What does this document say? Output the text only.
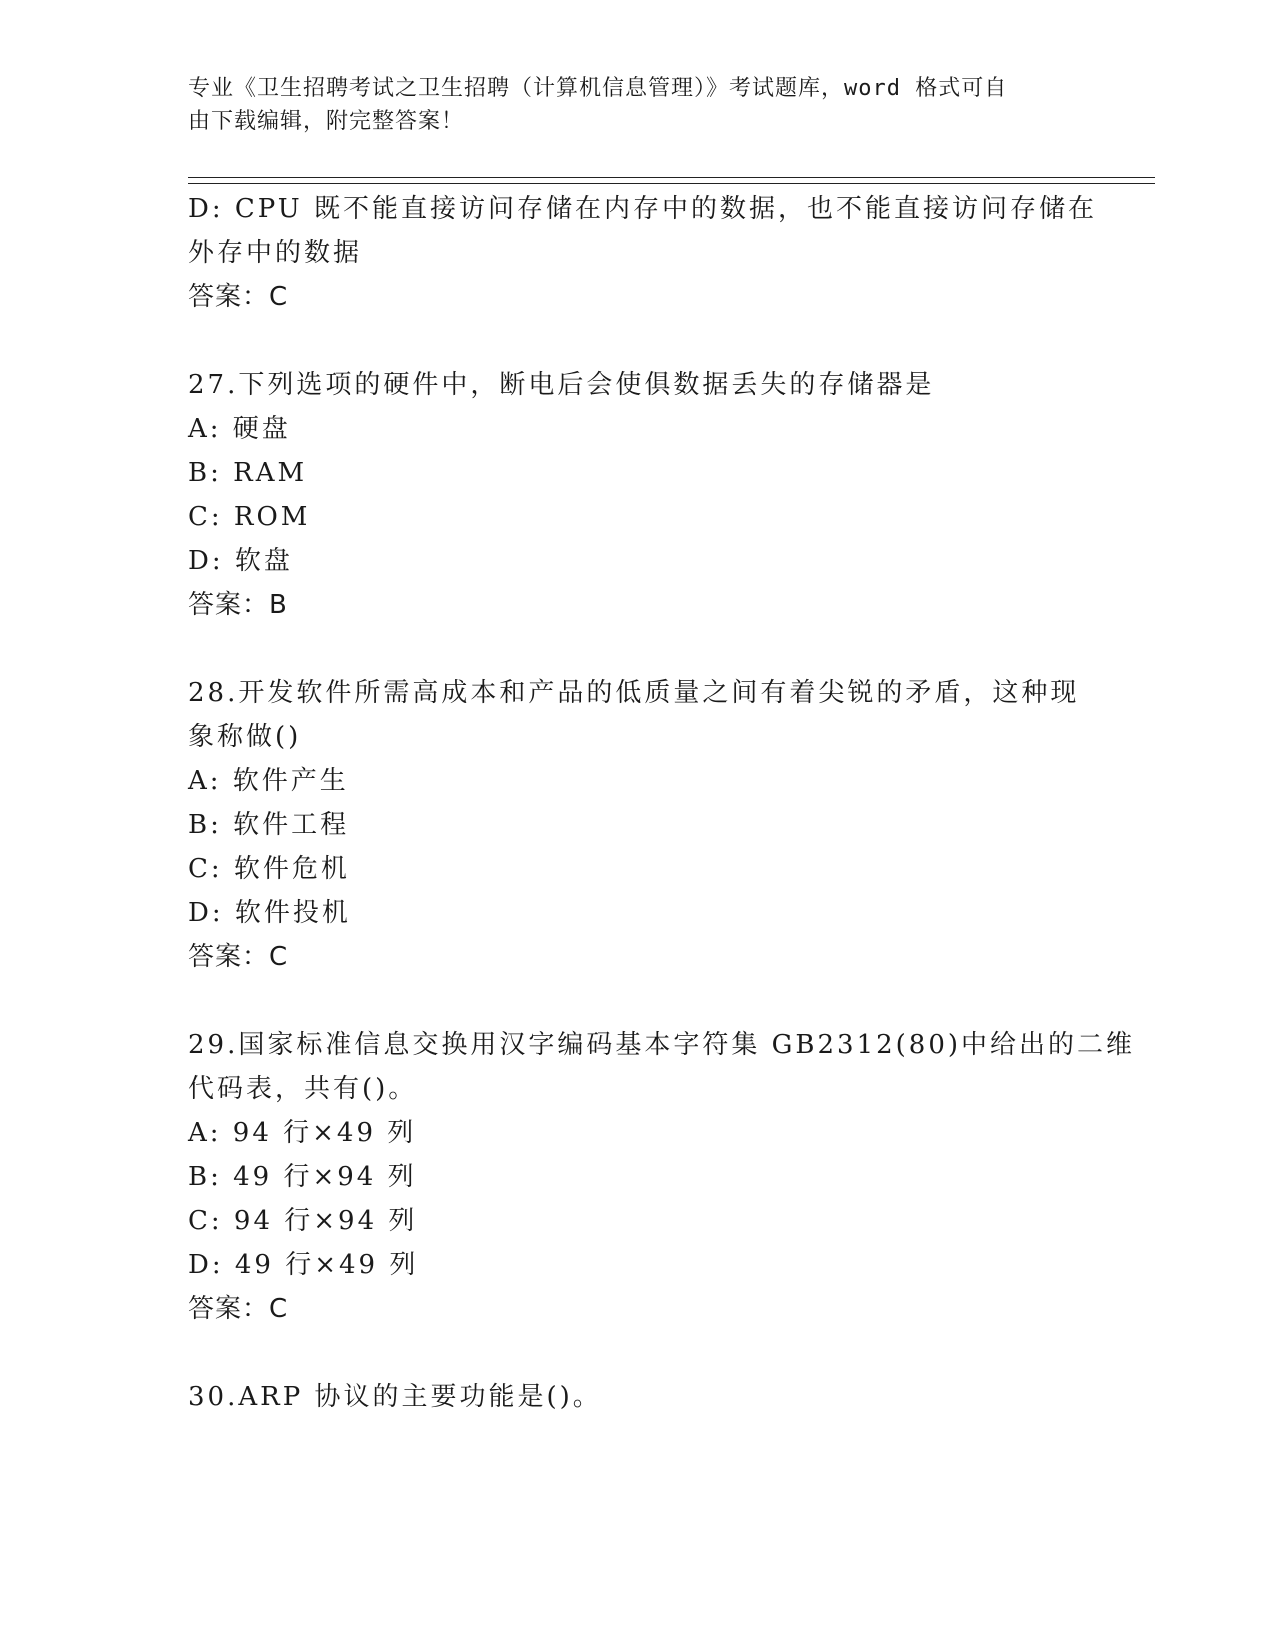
专业《卫生招聘考试之卫生招聘（计算机信息管理）》考试题库，word 格式可自
由下载编辑，附完整答案！
D: CPU 既不能直接访问存储在内存中的数据，也不能直接访问存储在
外存中的数据
答案：C
27.下列选项的硬件中，断电后会使俱数据丢失的存储器是
A: 硬盘
B: RAM
C: ROM
D: 软盘
答案：B
28.开发软件所需高成本和产品的低质量之间有着尖锐的矛盾，这种现
象称做()
A: 软件产生
B: 软件工程
C: 软件危机
D: 软件投机
答案：C
29.国家标准信息交换用汉字编码基本字符集 GB2312(80)中给出的二维
代码表，共有()。
A: 94 行×49 列
B: 49 行×94 列
C: 94 行×94 列
D: 49 行×49 列
答案：C
30.ARP 协议的主要功能是()。
